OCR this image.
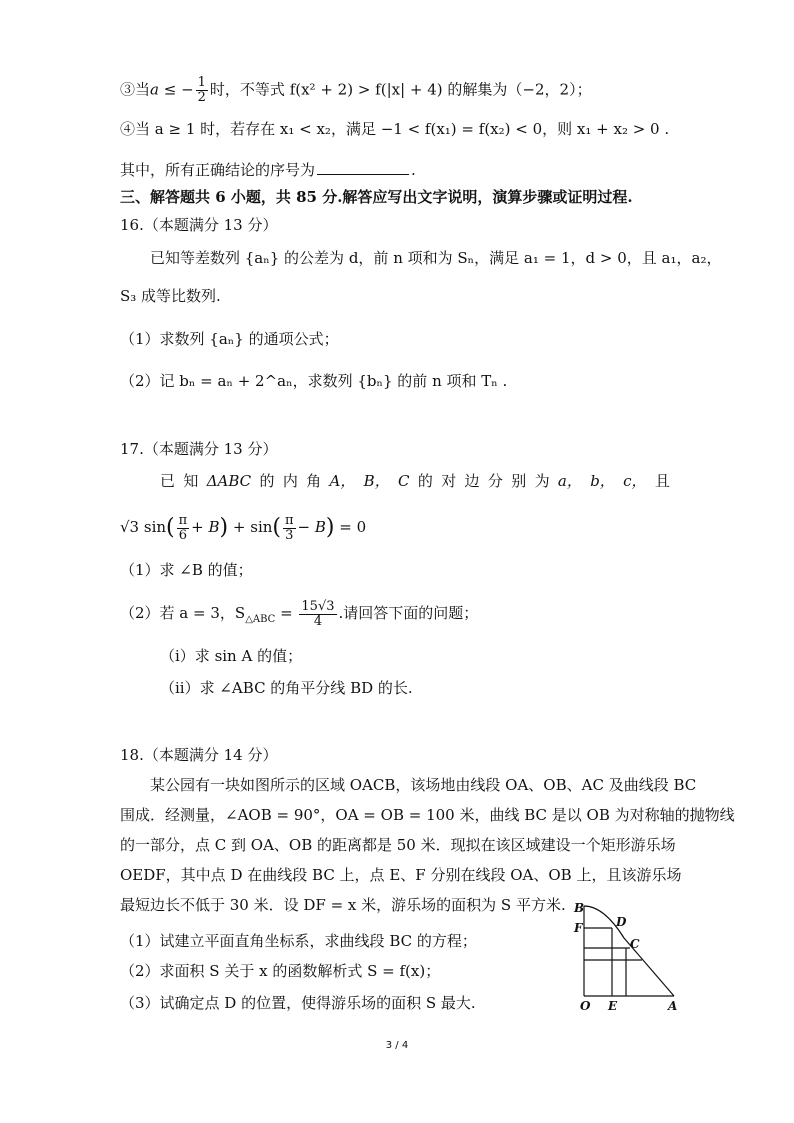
③当a ≤ − $\frac{1}{2}$ 时，不等式 f(x² + 2) > f(|x| + 4) 的解集为（−2，2）；
④当 a ≥ 1 时，若存在 x₁ < x₂，满足 −1 < f(x₁) = f(x₂) < 0，则 x₁ + x₂ > 0 .
其中，所有正确结论的序号为	.
三、解答题共 6 小题，共 85 分.解答应写出文字说明，演算步骤或证明过程.
16.（本题满分 13 分）
已知等差数列 {aₙ} 的公差为 d，前 n 项和为 Sₙ，满足 a₁ = 1，d > 0，且 a₁，a₂，
S₃ 成等比数列.
（1）求数列 {aₙ} 的通项公式；
（2）记 bₙ = aₙ + 2^aₙ，求数列 {bₙ} 的前 n 项和 Tₙ .
17.（本题满分 13 分）
已 知 ΔABC 的 内 角 A， B， C 的 对 边 分 别 为 a， b， c， 且
√3 $\sin( \frac{\pi}{6} + B) + \sin( \frac{\pi}{3} - B) = 0$
（1）求 ∠B 的值；
（2）若 a = 3，$S_{\triangle ABC} = \frac{15√3}{4}$ .请回答下面的问题；
（i）求 sin A 的值；
（ii）求 ∠ABC 的角平分线 BD 的长.
18.（本题满分 14 分）
某公园有一块如图所示的区域 OACB，该场地由线段 OA、OB、AC 及曲线段 BC
围成．经测量，∠AOB = 90°，OA = OB = 100 米，曲线 BC 是以 OB 为对称轴的抛物线
的一部分，点 C 到 OA、OB 的距离都是 50 米．现拟在该区域建设一个矩形游乐场
OEDF，其中点 D 在曲线段 BC 上，点 E、F 分别在线段 OA、OB 上，且该游乐场
最短边长不低于 30 米．设 DF = x 米，游乐场的面积为 S 平方米.
（1）试建立平面直角坐标系，求曲线段 BC 的方程；
（2）求面积 S 关于 x 的函数解析式 S = f(x)；
（3）试确定点 D 的位置，使得游乐场的面积 S 最大.
B
F	D
C
O E	A
3 / 4
